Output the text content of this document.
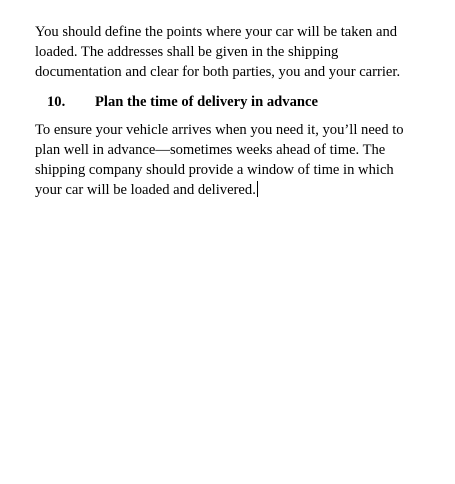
You should define the points where your car will be taken and
loaded. The addresses shall be given in the shipping
documentation and clear for both parties, you and your carrier.
10. Plan the time of delivery in advance
To ensure your vehicle arrives when you need it, you’ll need to
plan well in advance—sometimes weeks ahead of time. The
shipping company should provide a window of time in which
your car will be loaded and delivered.
